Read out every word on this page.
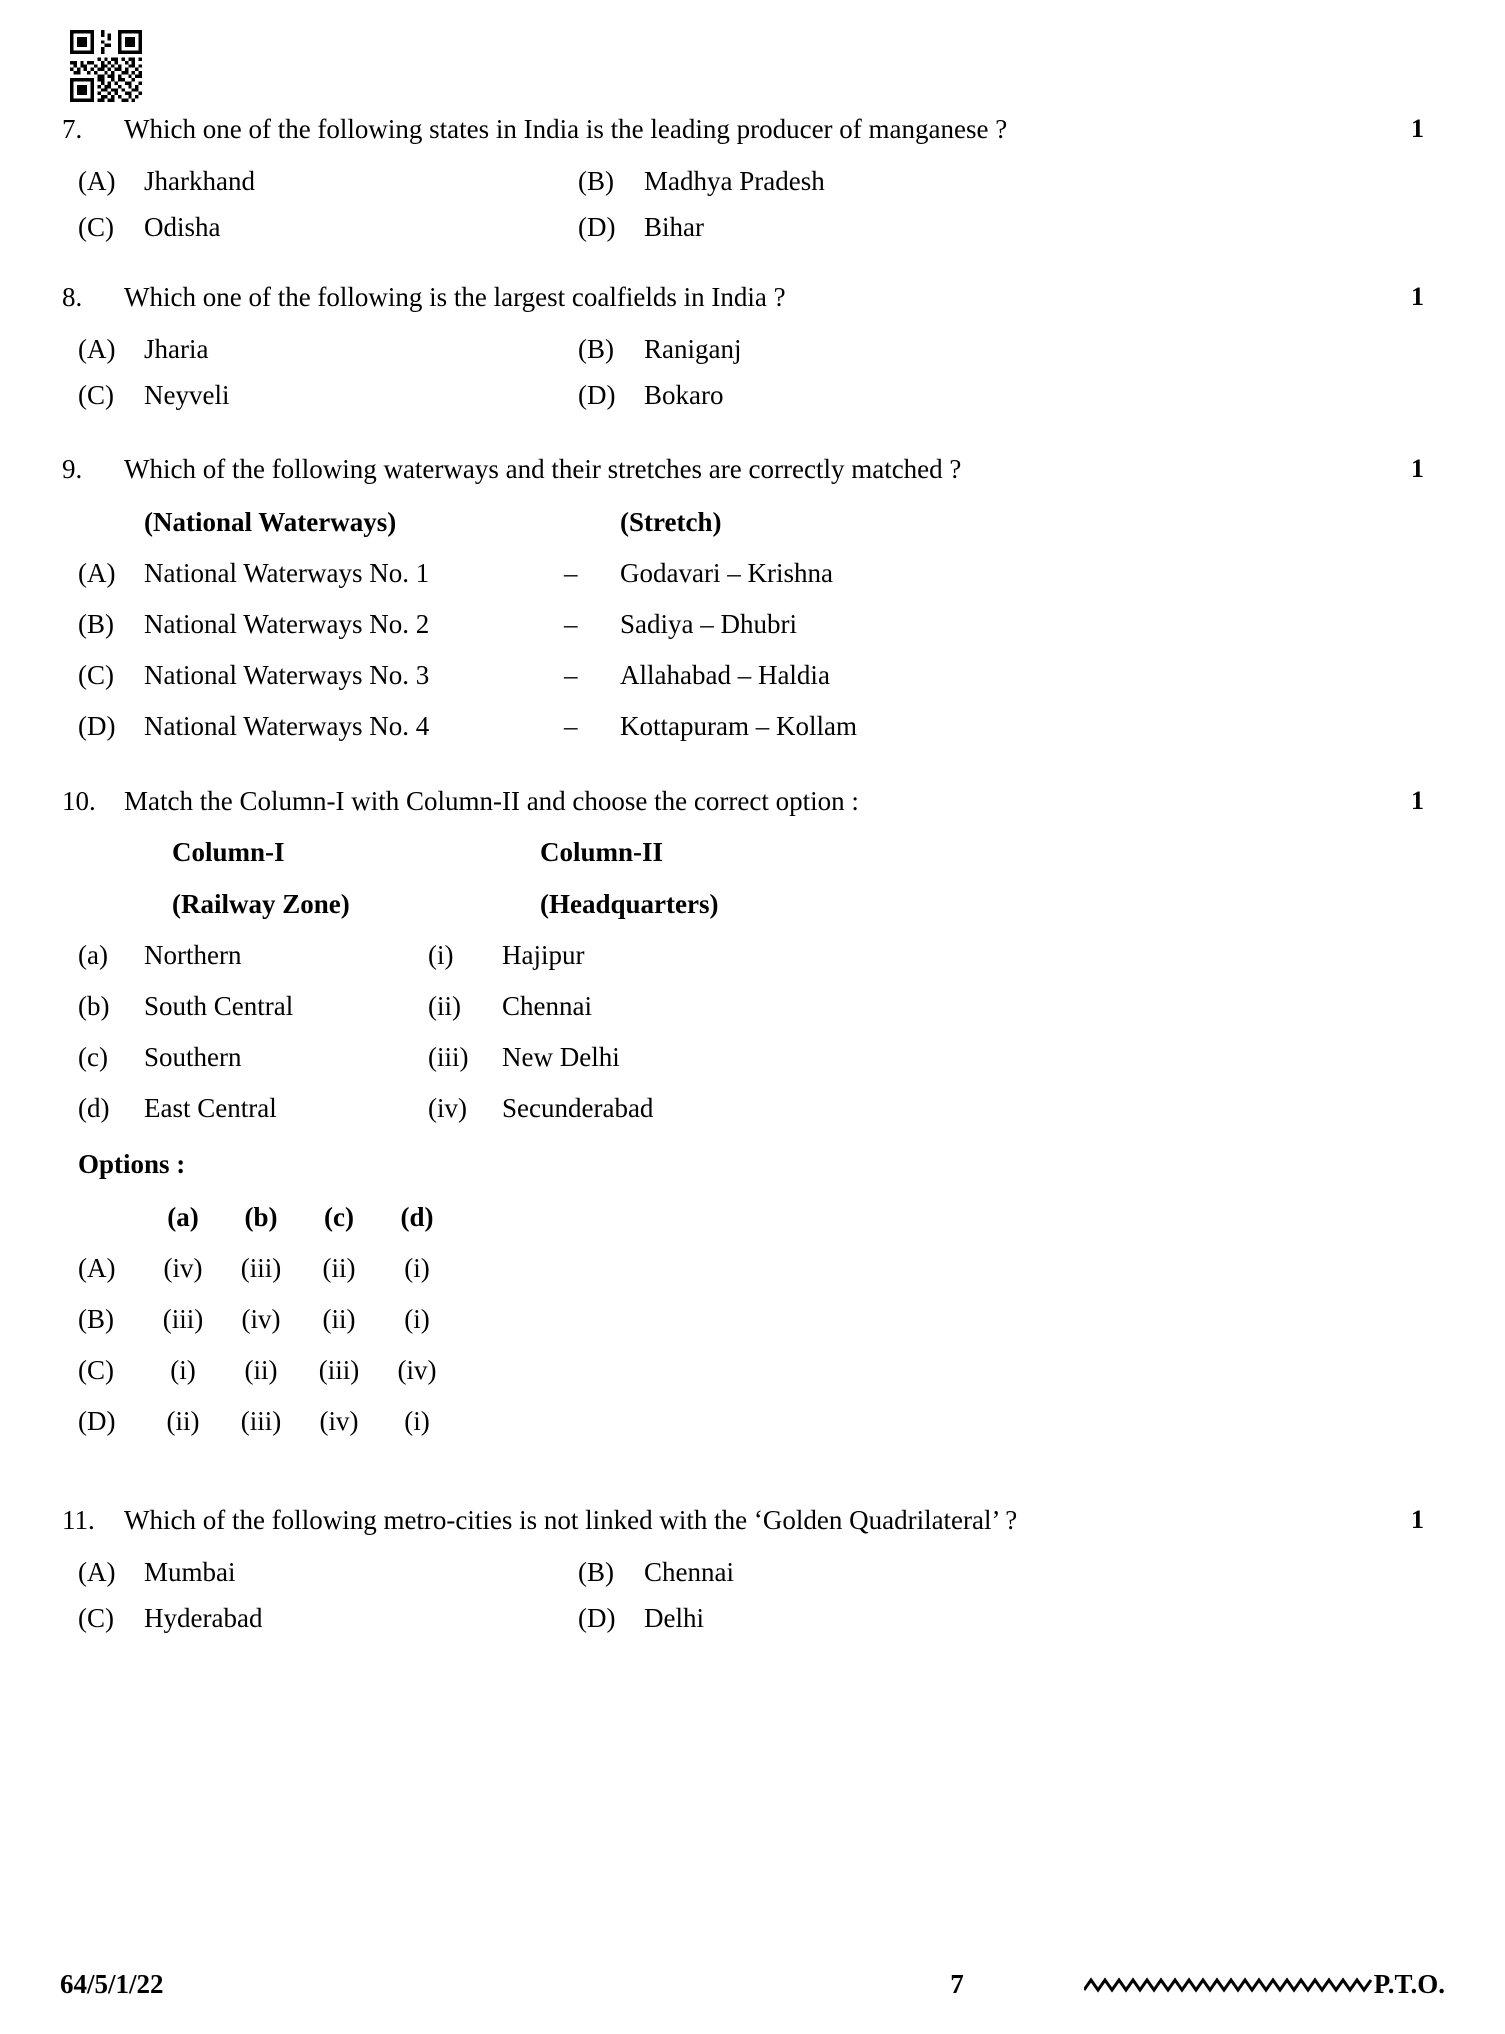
7.	Which one of the following states in India is the leading producer of manganese ?	1
(A)	Jharkhand	(B)	Madhya Pradesh
(C)	Odisha	(D)	Bihar
8.	Which one of the following is the largest coalfields in India ?	1
(A)	Jharia	(B)	Raniganj
(C)	Neyveli	(D)	Bokaro
9.	Which of the following waterways and their stretches are correctly matched ?	1
(National Waterways)	(Stretch)
(A)	National Waterways No. 1	–	Godavari – Krishna
(B)	National Waterways No. 2	–	Sadiya – Dhubri
(C)	National Waterways No. 3	–	Allahabad – Haldia
(D)	National Waterways No. 4	–	Kottapuram – Kollam
10.	Match the Column-I with Column-II and choose the correct option :	1
Column-I	Column-II
(Railway Zone)	(Headquarters)
(a)	Northern	(i)	Hajipur
(b)	South Central	(ii)	Chennai
(c)	Southern	(iii)	New Delhi
(d)	East Central	(iv)	Secunderabad
Options :
(a)	(b)	(c)	(d)
(A)	(iv)	(iii)	(ii)	(i)
(B)	(iii)	(iv)	(ii)	(i)
(C)	(i)	(ii)	(iii)	(iv)
(D)	(ii)	(iii)	(iv)	(i)
11.	Which of the following metro-cities is not linked with the ‘Golden Quadrilateral’ ?	1
(A)	Mumbai	(B)	Chennai
(C)	Hyderabad	(D)	Delhi
64/5/1/22	7	P.T.O.
